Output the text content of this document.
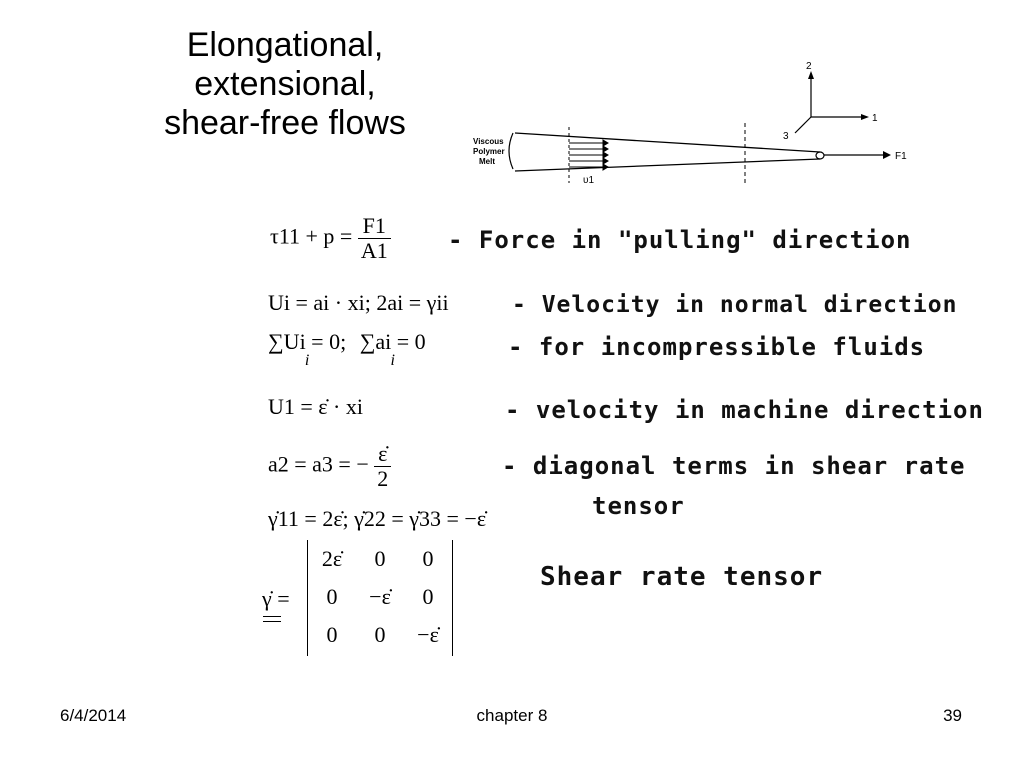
Elongational,
extensional,
shear-free flows	Viscous
Polymer
Melt
υ1
F1
1
2
3
$\tau 11 + p = \frac{F1}{A1}$
Ui = ai · xi; 2ai = γii
∑Ui = 0;
i
∑ai = 0
i
U1 = ε̇ · xi
a2 = a3 = − $\frac{\varepsiloṅ}{2}$
γ̇11 = 2ε̇; γ̇22 = γ̇33 = −ε̇
γ̇ =
2ε̇	0	0
0	−ε̇	0
0	0	−ε̇
- Force in "pulling" direction
- Velocity in normal direction
- for incompressible fluids
- velocity in machine direction
- diagonal terms in shear rate
tensor
Shear rate tensor
6/4/2014	chapter 8	39
